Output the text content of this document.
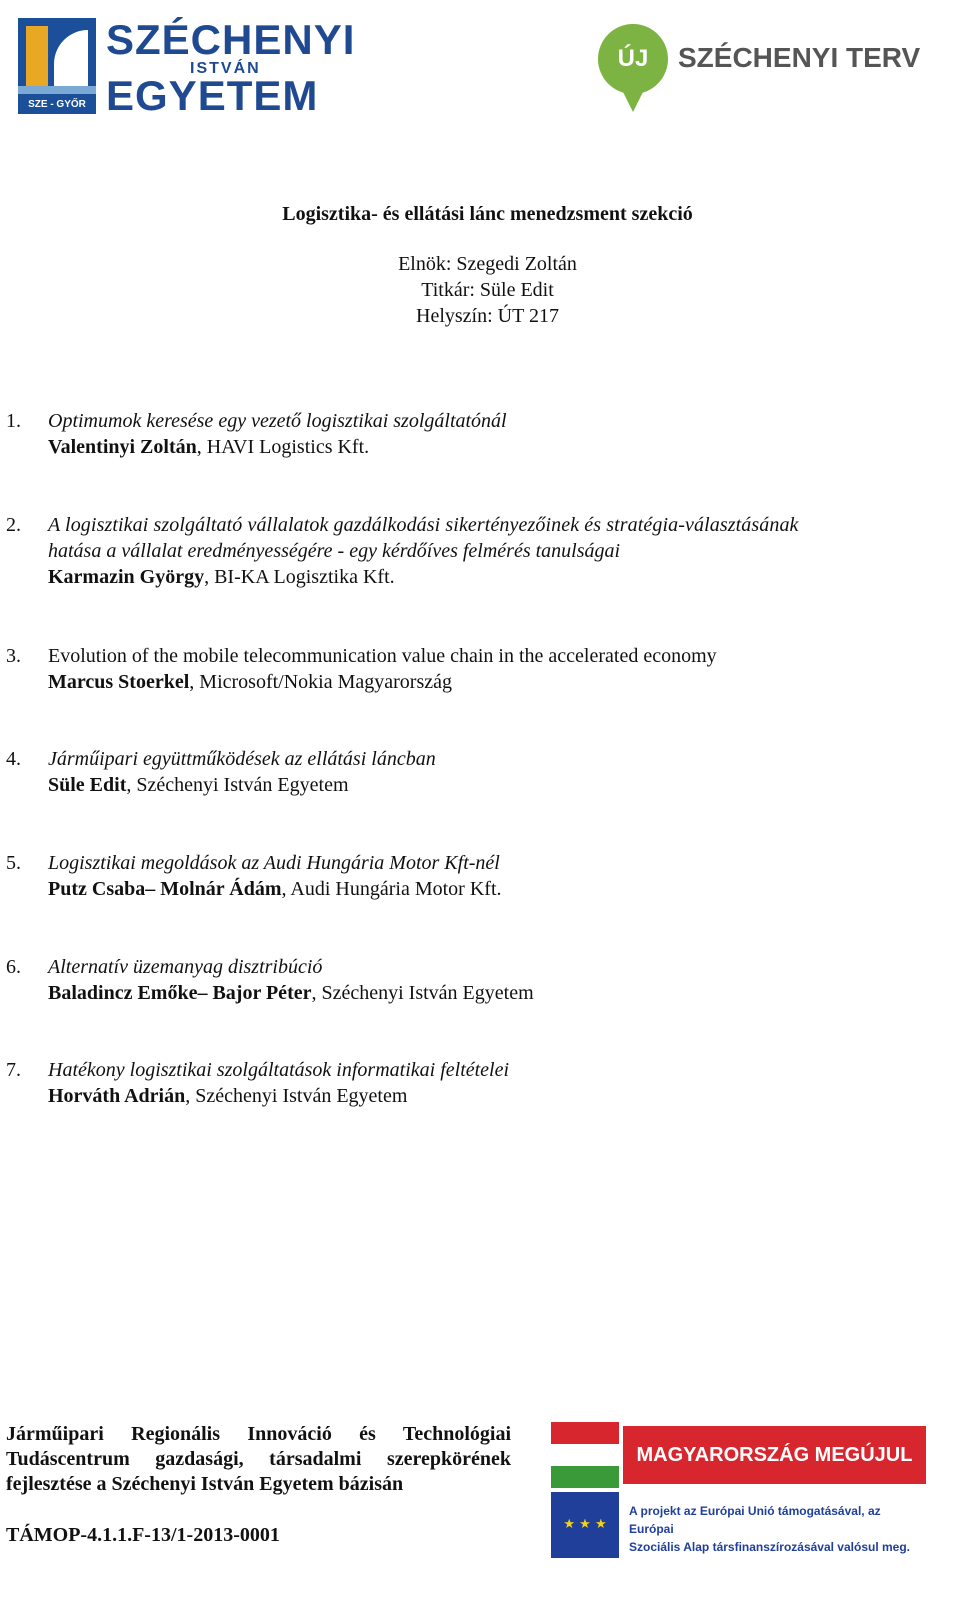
SZE - GYŐR
SZÉCHENYI
ISTVÁN
EGYETEM
ÚJ	SZÉCHENYI TERV
Logisztika- és ellátási lánc menedzsment szekció
Elnök: Szegedi Zoltán
Titkár: Süle Edit
Helyszín: ÚT 217
1. Optimumok keresése egy vezető logisztikai szolgáltatónál
Valentinyi Zoltán, HAVI Logistics Kft.
2. A logisztikai szolgáltató vállalatok gazdálkodási sikertényezőinek és stratégia-választásának
hatása a vállalat eredményességére - egy kérdőíves felmérés tanulságai
Karmazin György, BI-KA Logisztika Kft.
3. Evolution of the mobile telecommunication value chain in the accelerated economy
Marcus Stoerkel, Microsoft/Nokia Magyarország
4. Járműipari együttműködések az ellátási láncban
Süle Edit, Széchenyi István Egyetem
5. Logisztikai megoldások az Audi Hungária Motor Kft-nél
Putz Csaba– Molnár Ádám, Audi Hungária Motor Kft.
6. Alternatív üzemanyag disztribúció
Baladincz Emőke– Bajor Péter, Széchenyi István Egyetem
7. Hatékony logisztikai szolgáltatások informatikai feltételei
Horváth Adrián, Széchenyi István Egyetem
Járműipari Regionális Innováció és Technológiai
Tudáscentrum gazdasági, társadalmi szerepkörének
fejlesztése a Széchenyi István Egyetem bázisán
TÁMOP-4.1.1.F-13/1-2013-0001
MAGYARORSZÁG MEGÚJUL
★ ★ ★
A projekt az Európai Unió támogatásával, az Európai
Szociális Alap társfinanszírozásával valósul meg.
